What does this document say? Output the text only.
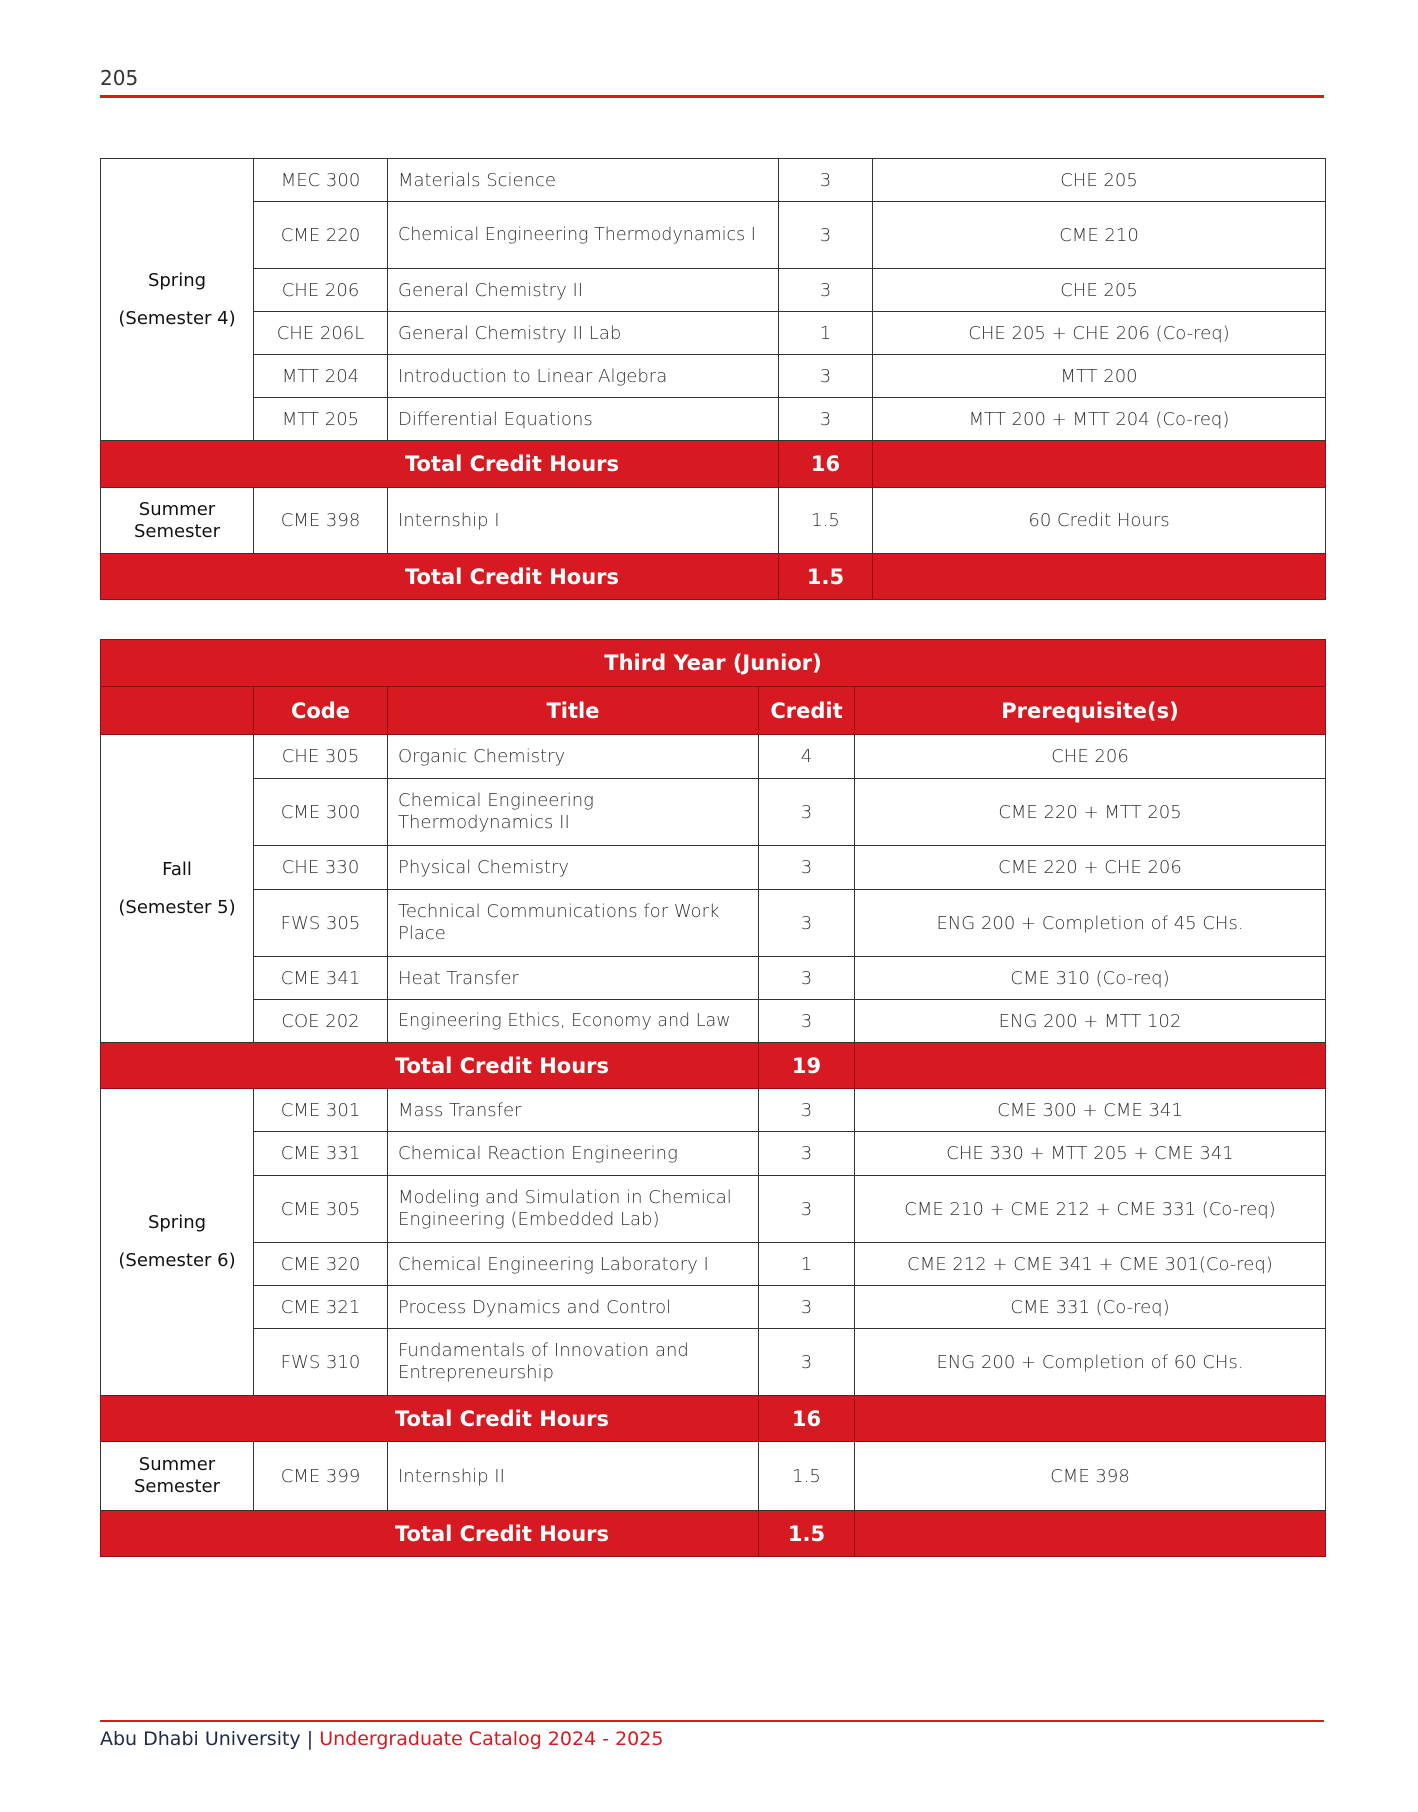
205
Spring
(Semester 4)	MEC 300	Materials Science	3	CHE 205
	CME 220	Chemical Engineering Thermodynamics I	3	CME 210
	CHE 206	General Chemistry II	3	CHE 205
	CHE 206L	General Chemistry II Lab	1	CHE 205 + CHE 206 (Co-req)
	MTT 204	Introduction to Linear Algebra	3	MTT 200
	MTT 205	Differential Equations	3	MTT 200 + MTT 204 (Co-req)
Total Credit Hours			16	

Summer
Semester	CME 398	Internship I	1.5	60 Credit Hours
Total Credit Hours			1.5	
Third Year (Junior)				
	Code	Title	Credit	Prerequisite(s)

Fall
(Semester 5)	CHE 305	Organic Chemistry	4	CHE 206
	CME 300	Chemical Engineering Thermodynamics II	3	CME 220 + MTT 205
	CHE 330	Physical Chemistry	3	CME 220 + CHE 206
	FWS 305	Technical Communications for Work Place	3	ENG 200 + Completion of 45 CHs.
	CME 341	Heat Transfer	3	CME 310 (Co-req)
	COE 202	Engineering Ethics, Economy and Law	3	ENG 200 + MTT 102
Total Credit Hours			19	

Spring
(Semester 6)	CME 301	Mass Transfer	3	CME 300 + CME 341
	CME 331	Chemical Reaction Engineering	3	CHE 330 + MTT 205 + CME 341
	CME 305	Modeling and Simulation in Chemical Engineering (Embedded Lab)	3	CME 210 + CME 212 + CME 331 (Co-req)
	CME 320	Chemical Engineering Laboratory I	1	CME 212 + CME 341 + CME 301(Co-req)
	CME 321	Process Dynamics and Control	3	CME 331 (Co-req)
	FWS 310	Fundamentals of Innovation and Entrepreneurship	3	ENG 200 + Completion of 60 CHs.
Total Credit Hours			16	

Summer
Semester	CME 399	Internship II	1.5	CME 398
Total Credit Hours			1.5	
Abu Dhabi University | Undergraduate Catalog 2024 - 2025
